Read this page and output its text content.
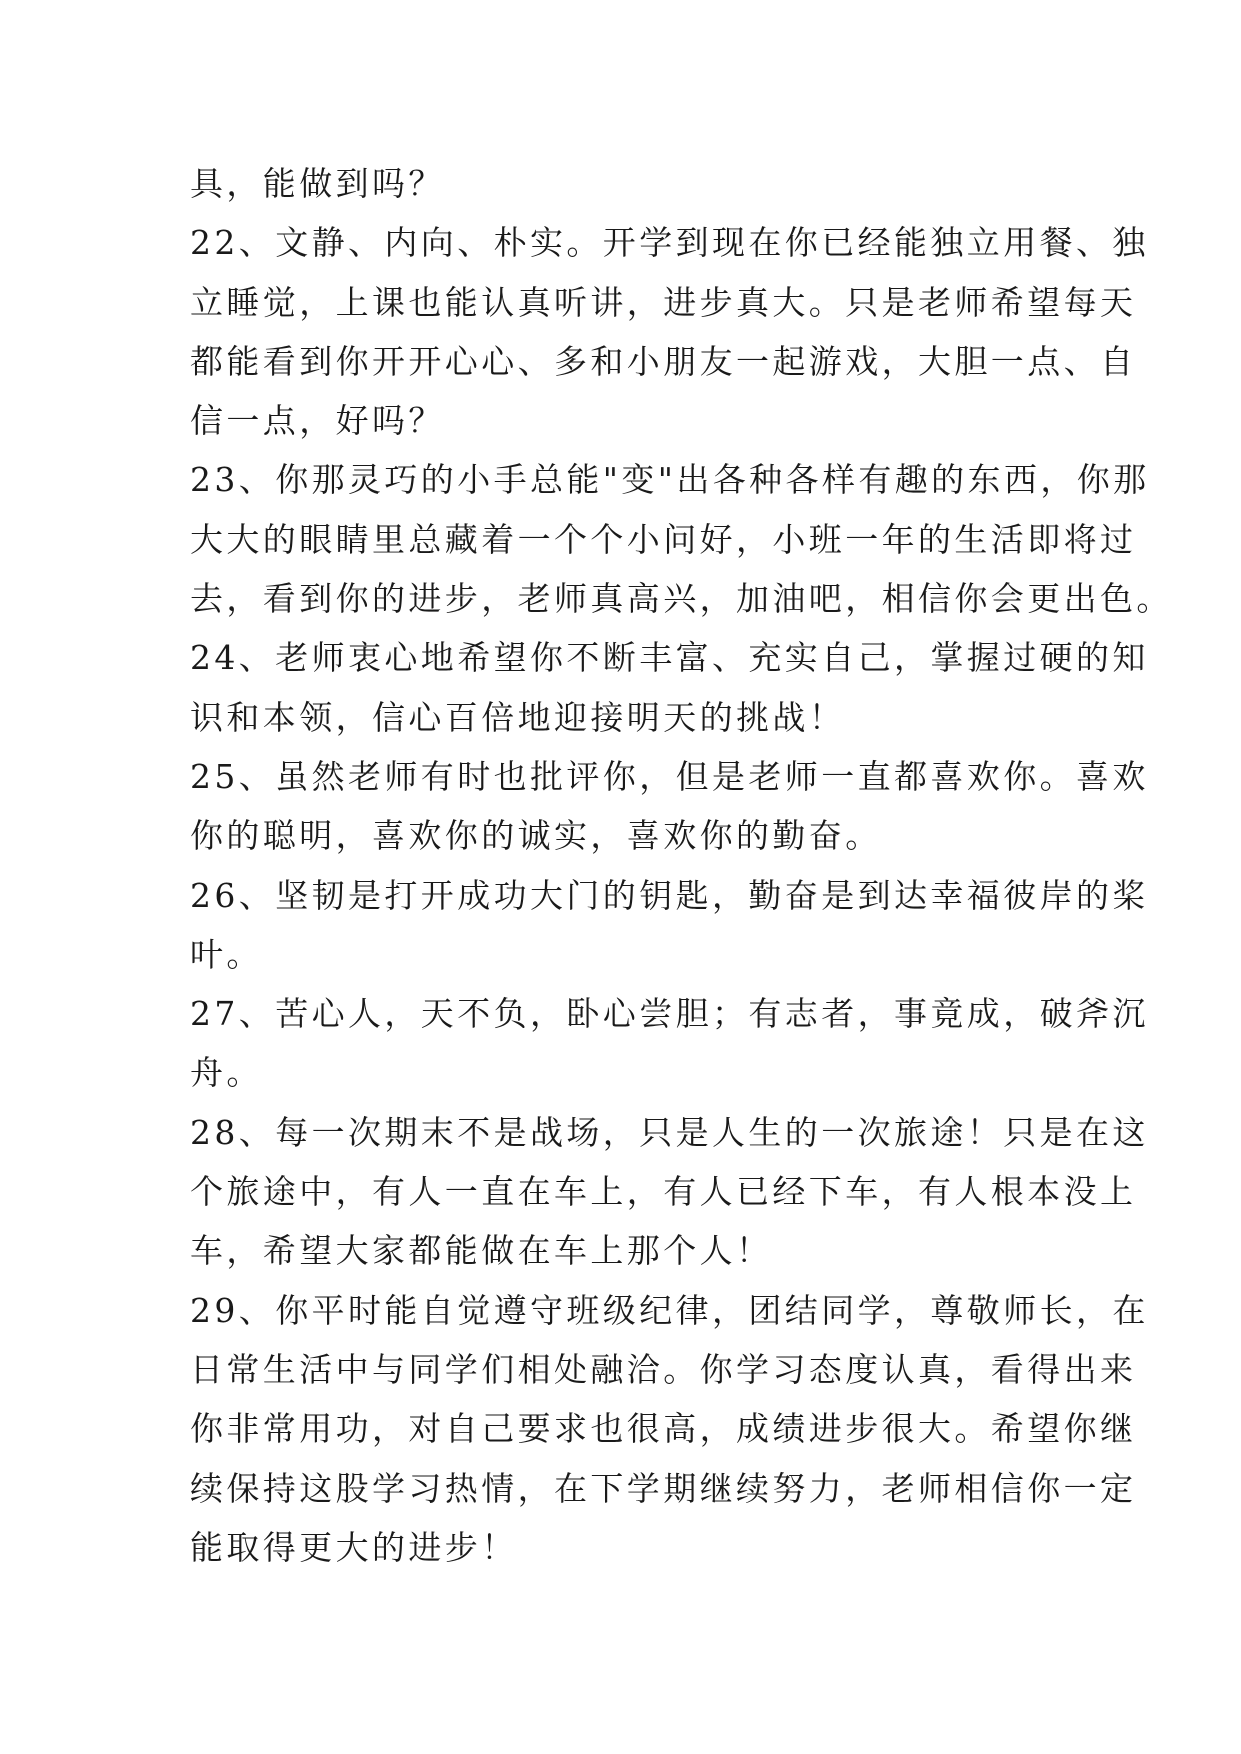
具，能做到吗？
22、文静、内向、朴实。开学到现在你已经能独立用餐、独
立睡觉，上课也能认真听讲，进步真大。只是老师希望每天
都能看到你开开心心、多和小朋友一起游戏，大胆一点、自
信一点，好吗？
23、你那灵巧的小手总能"变"出各种各样有趣的东西，你那
大大的眼睛里总藏着一个个小问好，小班一年的生活即将过
去，看到你的进步，老师真高兴，加油吧，相信你会更出色。
24、老师衷心地希望你不断丰富、充实自己，掌握过硬的知
识和本领，信心百倍地迎接明天的挑战！
25、虽然老师有时也批评你，但是老师一直都喜欢你。喜欢
你的聪明，喜欢你的诚实，喜欢你的勤奋。
26、坚韧是打开成功大门的钥匙，勤奋是到达幸福彼岸的桨
叶。
27、苦心人，天不负，卧心尝胆；有志者，事竟成，破斧沉
舟。
28、每一次期末不是战场，只是人生的一次旅途！只是在这
个旅途中，有人一直在车上，有人已经下车，有人根本没上
车，希望大家都能做在车上那个人！
29、你平时能自觉遵守班级纪律，团结同学，尊敬师长，在
日常生活中与同学们相处融洽。你学习态度认真，看得出来
你非常用功，对自己要求也很高，成绩进步很大。希望你继
续保持这股学习热情，在下学期继续努力，老师相信你一定
能取得更大的进步！
